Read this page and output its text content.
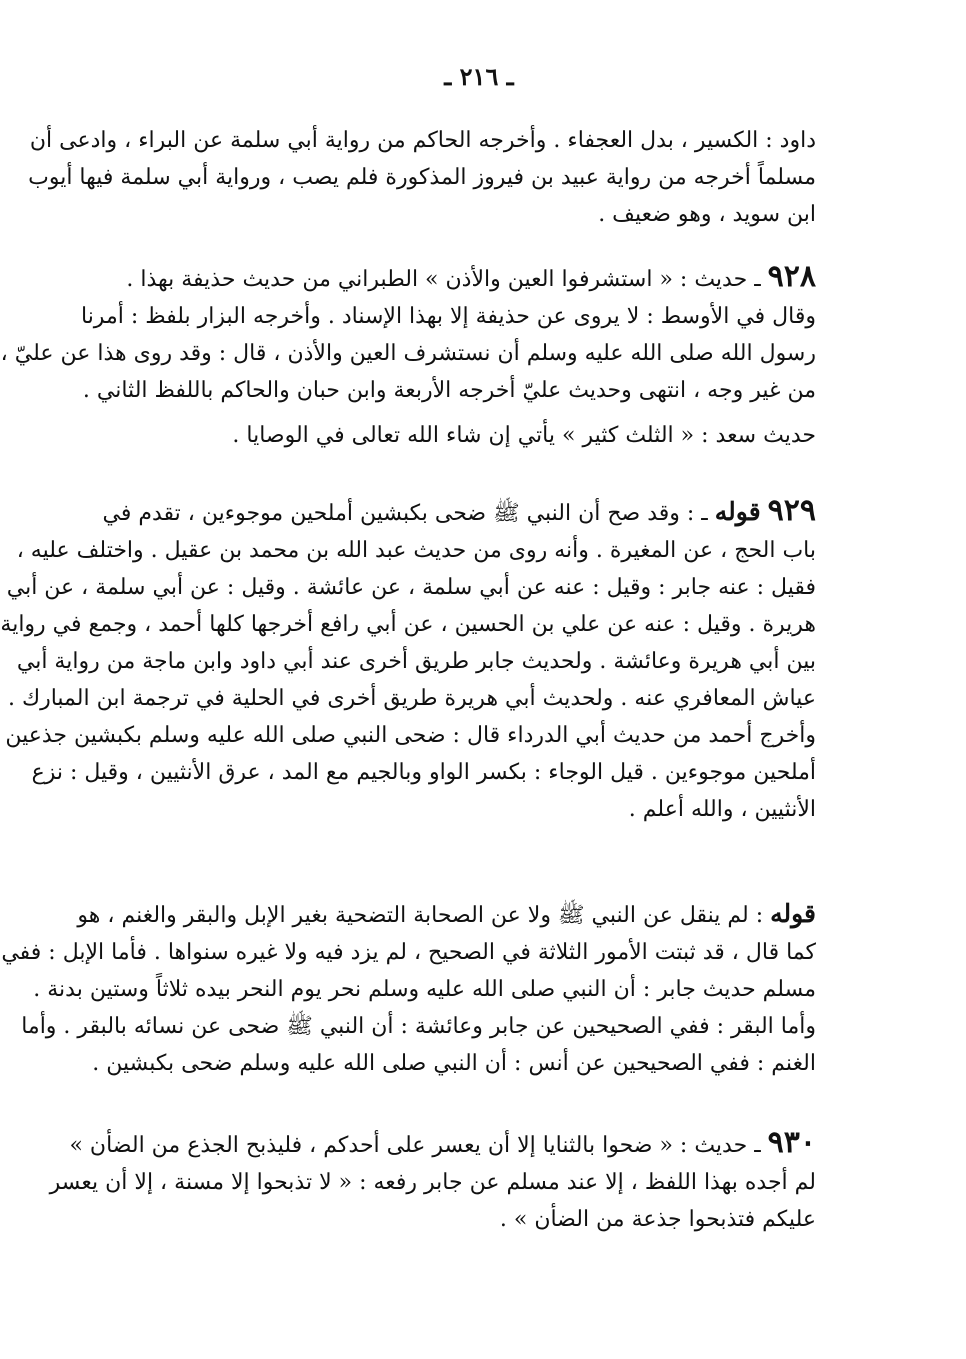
ـ ٢١٦ ـ
داود : الكسير ، بدل العجفاء . وأخرجه الحاكم من رواية أبي سلمة عن البراء ، وادعى أن
مسلماً أخرجه من رواية عبيد بن فيروز المذكورة فلم يصب ، ورواية أبي سلمة فيها أيوب
ابن سويد ، وهو ضعيف .
٩٢٨ ـ حديث : « استشرفوا العين والأذن » الطبراني من حديث حذيفة بهذا .
وقال في الأوسط : لا يروى عن حذيفة إلا بهذا الإسناد . وأخرجه البزار بلفظ : أمرنا
رسول الله صلى الله عليه وسلم أن نستشرف العين والأذن ، قال : وقد روى هذا عن عليّ ،
من غير وجه ، انتهى وحديث عليّ أخرجه الأربعة وابن حبان والحاكم باللفظ الثاني .
حديث سعد : « الثلث كثير » يأتي إن شاء الله تعالى في الوصايا .
٩٢٩ قوله ـ : وقد صح أن النبي ﷺ ضحى بكبشين أملحين موجوءين ، تقدم في
باب الحج ، عن المغيرة . وأنه روى من حديث عبد الله بن محمد بن عقيل . واختلف عليه ،
فقيل : عنه جابر : وقيل : عنه عن أبي سلمة ، عن عائشة . وقيل : عن أبي سلمة ، عن أبي
هريرة . وقيل : عنه عن علي بن الحسين ، عن أبي رافع أخرجها كلها أحمد ، وجمع في رواية
بين أبي هريرة وعائشة . ولحديث جابر طريق أخرى عند أبي داود وابن ماجة من رواية أبي
عياش المعافري عنه . ولحديث أبي هريرة طريق أخرى في الحلية في ترجمة ابن المبارك .
وأخرج أحمد من حديث أبي الدرداء قال : ضحى النبي صلى الله عليه وسلم بكبشين جذعين
أملحين موجوءين . قيل الوجاء : بكسر الواو وبالجيم مع المد ، عرق الأنثيين ، وقيل : نزع
الأنثيين ، والله أعلم .
قوله : لم ينقل عن النبي ﷺ ولا عن الصحابة التضحية بغير الإبل والبقر والغنم ، هو
كما قال ، قد ثبتت الأمور الثلاثة في الصحيح ، لم يزد فيه ولا غيره سنواها . فأما الإبل : ففي
مسلم حديث جابر : أن النبي صلى الله عليه وسلم نحر يوم النحر بيده ثلاثاً وستين بدنة .
وأما البقر : ففي الصحيحين عن جابر وعائشة : أن النبي ﷺ ضحى عن نسائه بالبقر . وأما
الغنم : ففي الصحيحين عن أنس : أن النبي صلى الله عليه وسلم ضحى بكبشين .
٩٣٠ ـ حديث : « ضحوا بالثنايا إلا أن يعسر على أحدكم ، فليذبح الجذع من الضأن »
لم أجده بهذا اللفظ ، إلا عند مسلم عن جابر رفعه : « لا تذبحوا إلا مسنة ، إلا أن يعسر
عليكم فتذبحوا جذعة من الضأن » .
